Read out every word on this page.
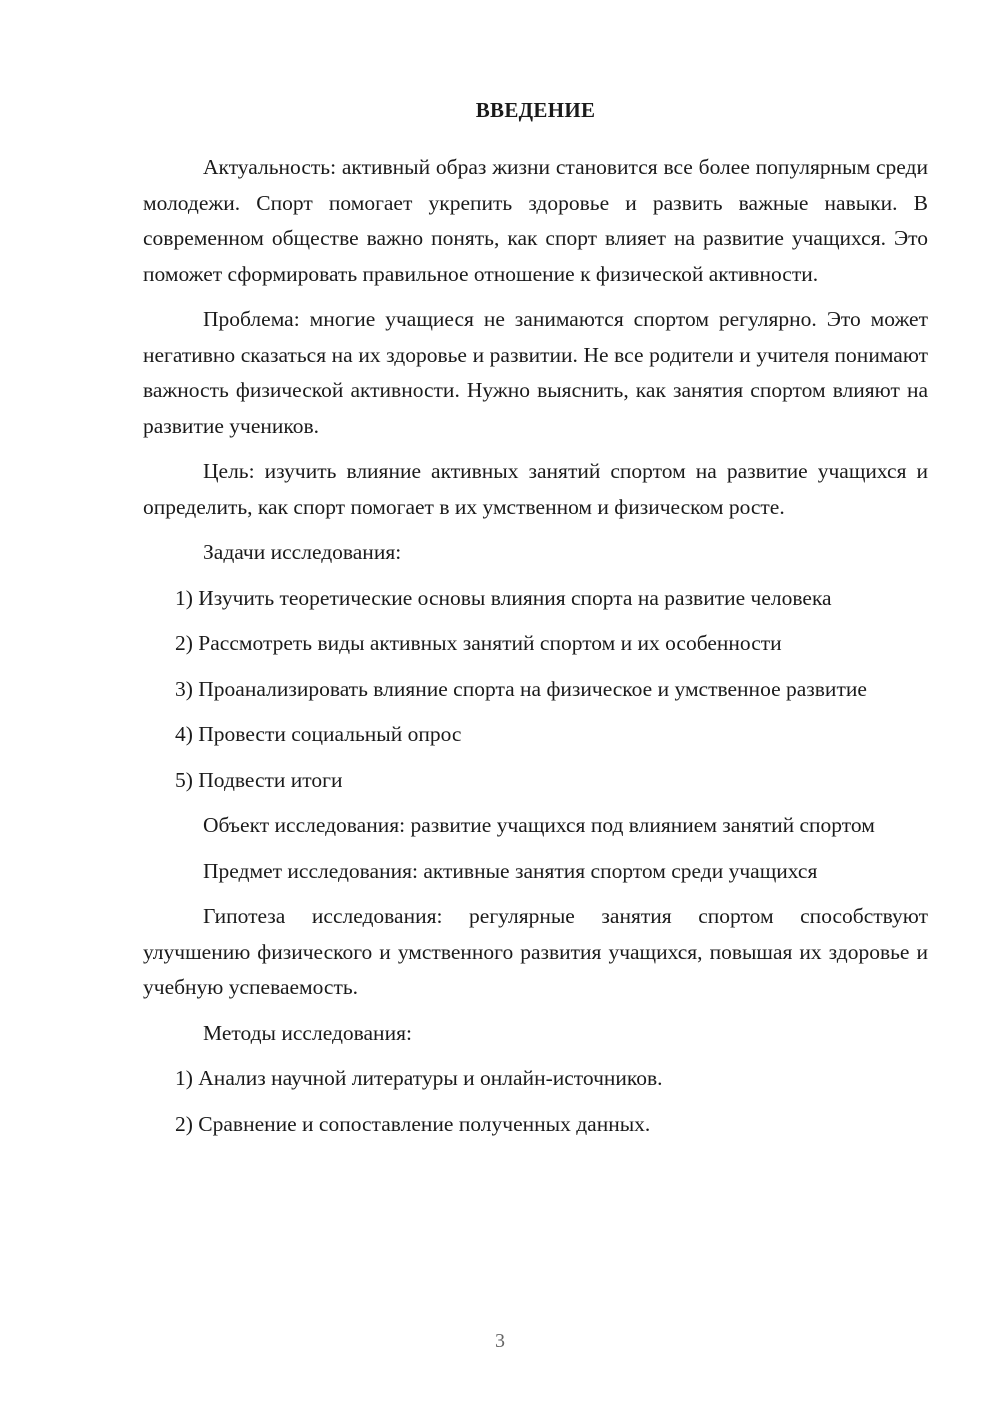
ВВЕДЕНИЕ

Актуальность: активный образ жизни становится все более популярным среди молодежи. Спорт помогает укрепить здоровье и развить важные навыки. В современном обществе важно понять, как спорт влияет на развитие учащихся. Это поможет сформировать правильное отношение к физической активности.

Проблема: многие учащиеся не занимаются спортом регулярно. Это может негативно сказаться на их здоровье и развитии. Не все родители и учителя понимают важность физической активности. Нужно выяснить, как занятия спортом влияют на развитие учеников.

Цель: изучить влияние активных занятий спортом на развитие учащихся и определить, как спорт помогает в их умственном и физическом росте.

Задачи исследования:

1) Изучить теоретические основы влияния спорта на развитие человека

2) Рассмотреть виды активных занятий спортом и их особенности

3) Проанализировать влияние спорта на физическое и умственное развитие

4) Провести социальный опрос

5) Подвести итоги

Объект исследования: развитие учащихся под влиянием занятий спортом

Предмет исследования: активные занятия спортом среди учащихся

Гипотеза исследования: регулярные занятия спортом способствуют улучшению физического и умственного развития учащихся, повышая их здоровье и учебную успеваемость.

Методы исследования:

1) Анализ научной литературы и онлайн-источников.

2) Сравнение и сопоставление полученных данных.

3
